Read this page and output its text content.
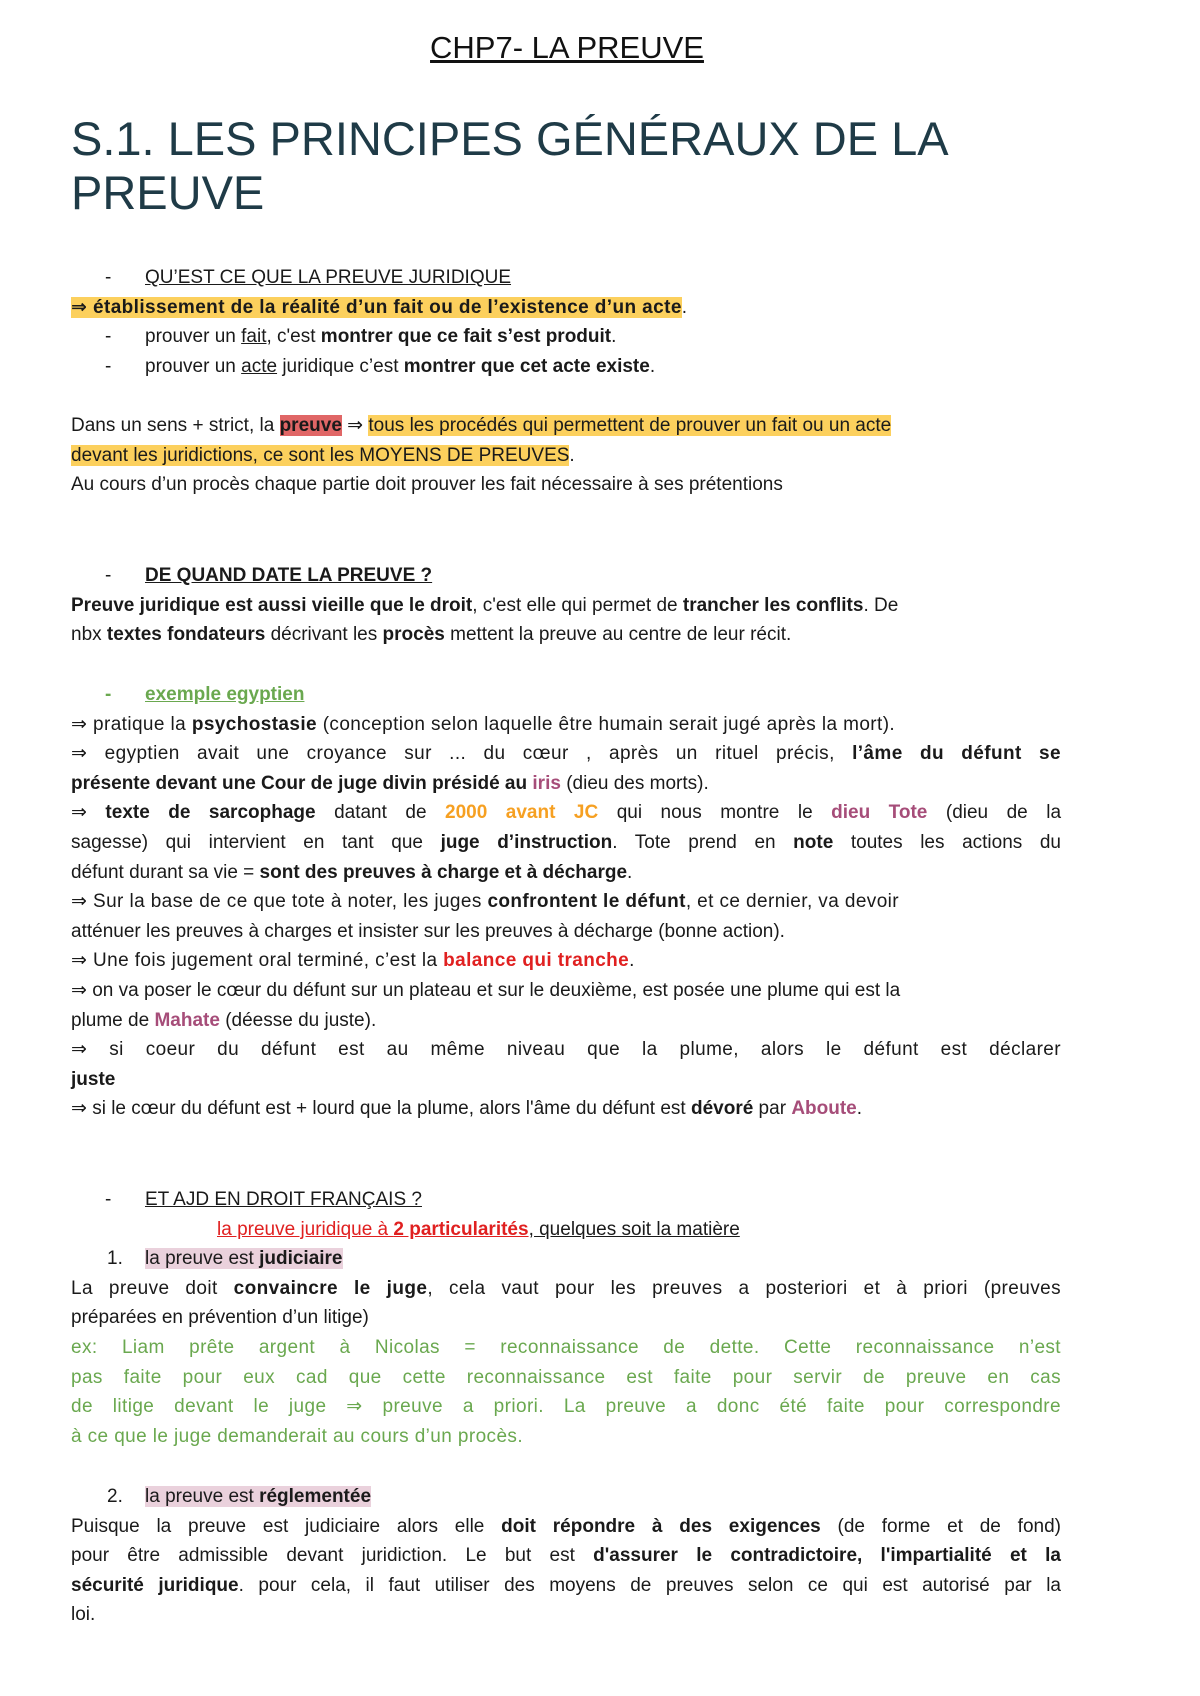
CHP7- LA PREUVE
S.1. LES PRINCIPES GÉNÉRAUX DE LA PREUVE
- QU’EST CE QUE LA PREUVE JURIDIQUE
⇒ établissement de la réalité d’un fait ou de l’existence d’un acte.
- prouver un fait, c'est montrer que ce fait s’est produit.
- prouver un acte juridique c’est montrer que cet acte existe.
Dans un sens + strict, la preuve ⇒ tous les procédés qui permettent de prouver un fait ou un acte
devant les juridictions, ce sont les MOYENS DE PREUVES.
Au cours d’un procès chaque partie doit prouver les fait nécessaire à ses prétentions
- DE QUAND DATE LA PREUVE ?
Preuve juridique est aussi vieille que le droit, c'est elle qui permet de trancher les conflits. De
nbx textes fondateurs décrivant les procès mettent la preuve au centre de leur récit.
- exemple egyptien
⇒ pratique la psychostasie (conception selon laquelle être humain serait jugé après la mort).
⇒ egyptien avait une croyance sur ... du cœur , après un rituel précis, l’âme du défunt se
présente devant une Cour de juge divin présidé au iris (dieu des morts).
⇒ texte de sarcophage datant de 2000 avant JC qui nous montre le dieu Tote (dieu de la
sagesse) qui intervient en tant que juge d’instruction. Tote prend en note toutes les actions du
défunt durant sa vie = sont des preuves à charge et à décharge.
⇒ Sur la base de ce que tote à noter, les juges confrontent le défunt, et ce dernier, va devoir
atténuer les preuves à charges et insister sur les preuves à décharge (bonne action).
⇒ Une fois jugement oral terminé, c’est la balance qui tranche.
⇒ on va poser le cœur du défunt sur un plateau et sur le deuxième, est posée une plume qui est la
plume de Mahate (déesse du juste).
⇒ si coeur du défunt est au même niveau que la plume, alors le défunt est déclarer
juste
⇒ si le cœur du défunt est + lourd que la plume, alors l'âme du défunt est dévoré par Aboute.
- ET AJD EN DROIT FRANÇAIS ?
la preuve juridique à 2 particularités, quelques soit la matière
1. la preuve est judiciaire
La preuve doit convaincre le juge, cela vaut pour les preuves a posteriori et à priori (preuves
préparées en prévention d’un litige)
ex: Liam prête argent à Nicolas = reconnaissance de dette. Cette reconnaissance n’est
pas faite pour eux cad que cette reconnaissance est faite pour servir de preuve en cas
de litige devant le juge ⇒ preuve a priori. La preuve a donc été faite pour correspondre
à ce que le juge demanderait au cours d’un procès.
2. la preuve est réglementée
Puisque la preuve est judiciaire alors elle doit répondre à des exigences (de forme et de fond)
pour être admissible devant juridiction. Le but est d'assurer le contradictoire, l'impartialité et la
sécurité juridique. pour cela, il faut utiliser des moyens de preuves selon ce qui est autorisé par la
loi.
